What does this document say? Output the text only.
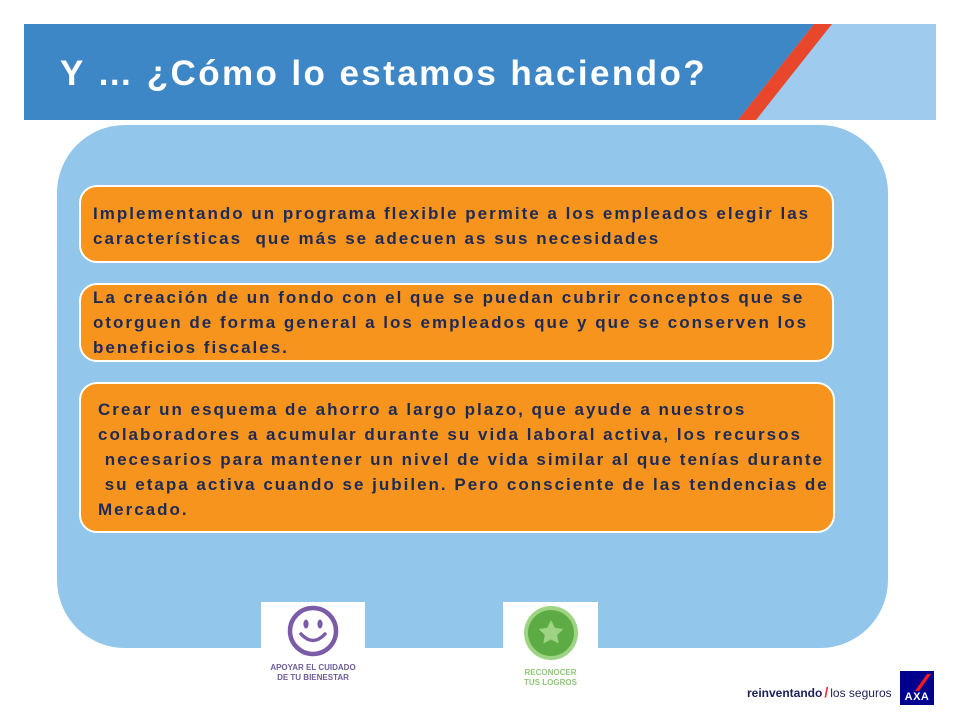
Y … ¿Cómo lo estamos haciendo?
Implementando un programa flexible permite a los empleados elegir las
características  que más se adecuen as sus necesidades
La creación de un fondo con el que se puedan cubrir conceptos que se
otorguen de forma general a los empleados que y que se conserven los
beneficios fiscales.
Crear un esquema de ahorro a largo plazo, que ayude a nuestros
colaboradores a acumular durante su vida laboral activa, los recursos
necesarios para mantener un nivel de vida similar al que tenías durante
su etapa activa cuando se jubilen. Pero consciente de las tendencias de
Mercado.
APOYAR EL CUIDADO
DE TU BIENESTAR
RECONOCER
TUS LOGROS
reinventando / los seguros AXA
